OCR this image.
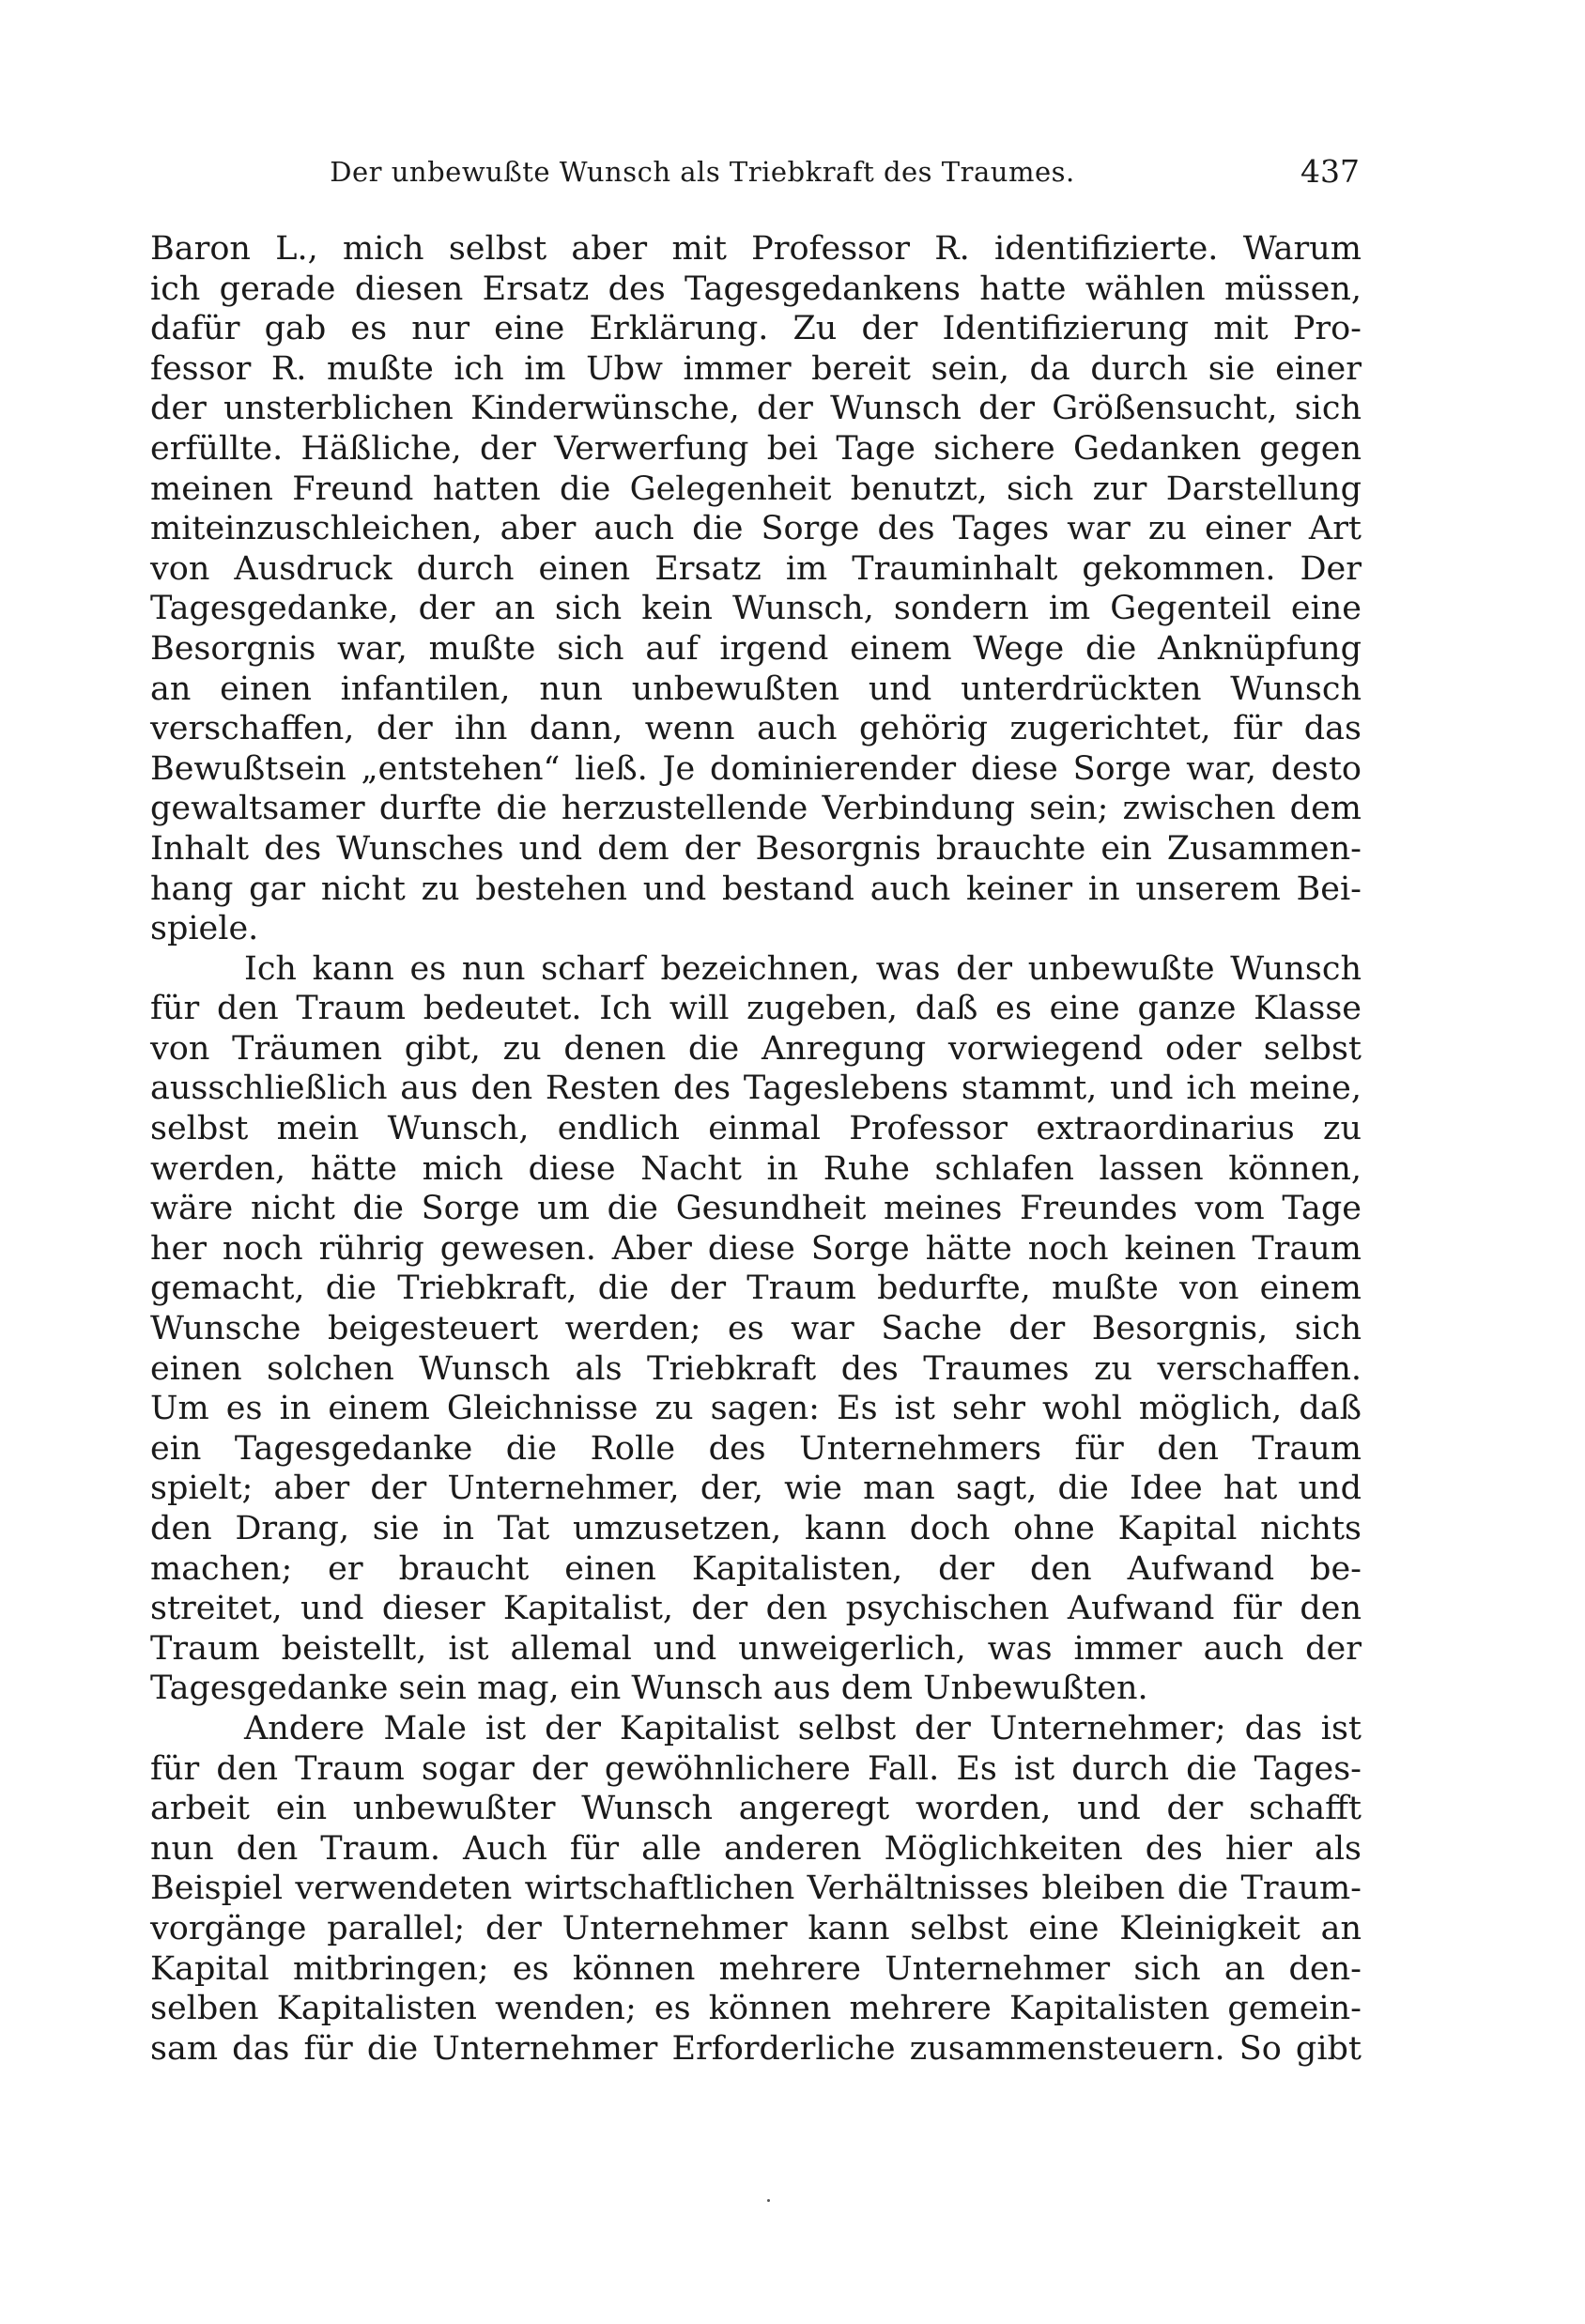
Der unbewußte Wunsch als Triebkraft des Traumes.	437
Baron L., mich selbst aber mit Professor R. identifizierte. Warum
ich gerade diesen Ersatz des Tagesgedankens hatte wählen müssen,
dafür gab es nur eine Erklärung. Zu der Identifizierung mit Pro-
fessor R. mußte ich im Ubw immer bereit sein, da durch sie einer
der unsterblichen Kinderwünsche, der Wunsch der Größensucht, sich
erfüllte. Häßliche, der Verwerfung bei Tage sichere Gedanken gegen
meinen Freund hatten die Gelegenheit benutzt, sich zur Darstellung
miteinzuschleichen, aber auch die Sorge des Tages war zu einer Art
von Ausdruck durch einen Ersatz im Trauminhalt gekommen. Der
Tagesgedanke, der an sich kein Wunsch, sondern im Gegenteil eine
Besorgnis war, mußte sich auf irgend einem Wege die Anknüpfung
an einen infantilen, nun unbewußten und unterdrückten Wunsch
verschaffen, der ihn dann, wenn auch gehörig zugerichtet, für das
Bewußtsein „entstehen“ ließ. Je dominierender diese Sorge war, desto
gewaltsamer durfte die herzustellende Verbindung sein; zwischen dem
Inhalt des Wunsches und dem der Besorgnis brauchte ein Zusammen-
hang gar nicht zu bestehen und bestand auch keiner in unserem Bei-
spiele.
Ich kann es nun scharf bezeichnen, was der unbewußte Wunsch
für den Traum bedeutet. Ich will zugeben, daß es eine ganze Klasse
von Träumen gibt, zu denen die Anregung vorwiegend oder selbst
ausschließlich aus den Resten des Tageslebens stammt, und ich meine,
selbst mein Wunsch, endlich einmal Professor extraordinarius zu
werden, hätte mich diese Nacht in Ruhe schlafen lassen können,
wäre nicht die Sorge um die Gesundheit meines Freundes vom Tage
her noch rührig gewesen. Aber diese Sorge hätte noch keinen Traum
gemacht, die Triebkraft, die der Traum bedurfte, mußte von einem
Wunsche beigesteuert werden; es war Sache der Besorgnis, sich
einen solchen Wunsch als Triebkraft des Traumes zu verschaffen.
Um es in einem Gleichnisse zu sagen: Es ist sehr wohl möglich, daß
ein Tagesgedanke die Rolle des Unternehmers für den Traum
spielt; aber der Unternehmer, der, wie man sagt, die Idee hat und
den Drang, sie in Tat umzusetzen, kann doch ohne Kapital nichts
machen; er braucht einen Kapitalisten, der den Aufwand be-
streitet, und dieser Kapitalist, der den psychischen Aufwand für den
Traum beistellt, ist allemal und unweigerlich, was immer auch der
Tagesgedanke sein mag, ein Wunsch aus dem Unbewußten.
Andere Male ist der Kapitalist selbst der Unternehmer; das ist
für den Traum sogar der gewöhnlichere Fall. Es ist durch die Tages-
arbeit ein unbewußter Wunsch angeregt worden, und der schafft
nun den Traum. Auch für alle anderen Möglichkeiten des hier als
Beispiel verwendeten wirtschaftlichen Verhältnisses bleiben die Traum-
vorgänge parallel; der Unternehmer kann selbst eine Kleinigkeit an
Kapital mitbringen; es können mehrere Unternehmer sich an den-
selben Kapitalisten wenden; es können mehrere Kapitalisten gemein-
sam das für die Unternehmer Erforderliche zusammensteuern. So gibt
